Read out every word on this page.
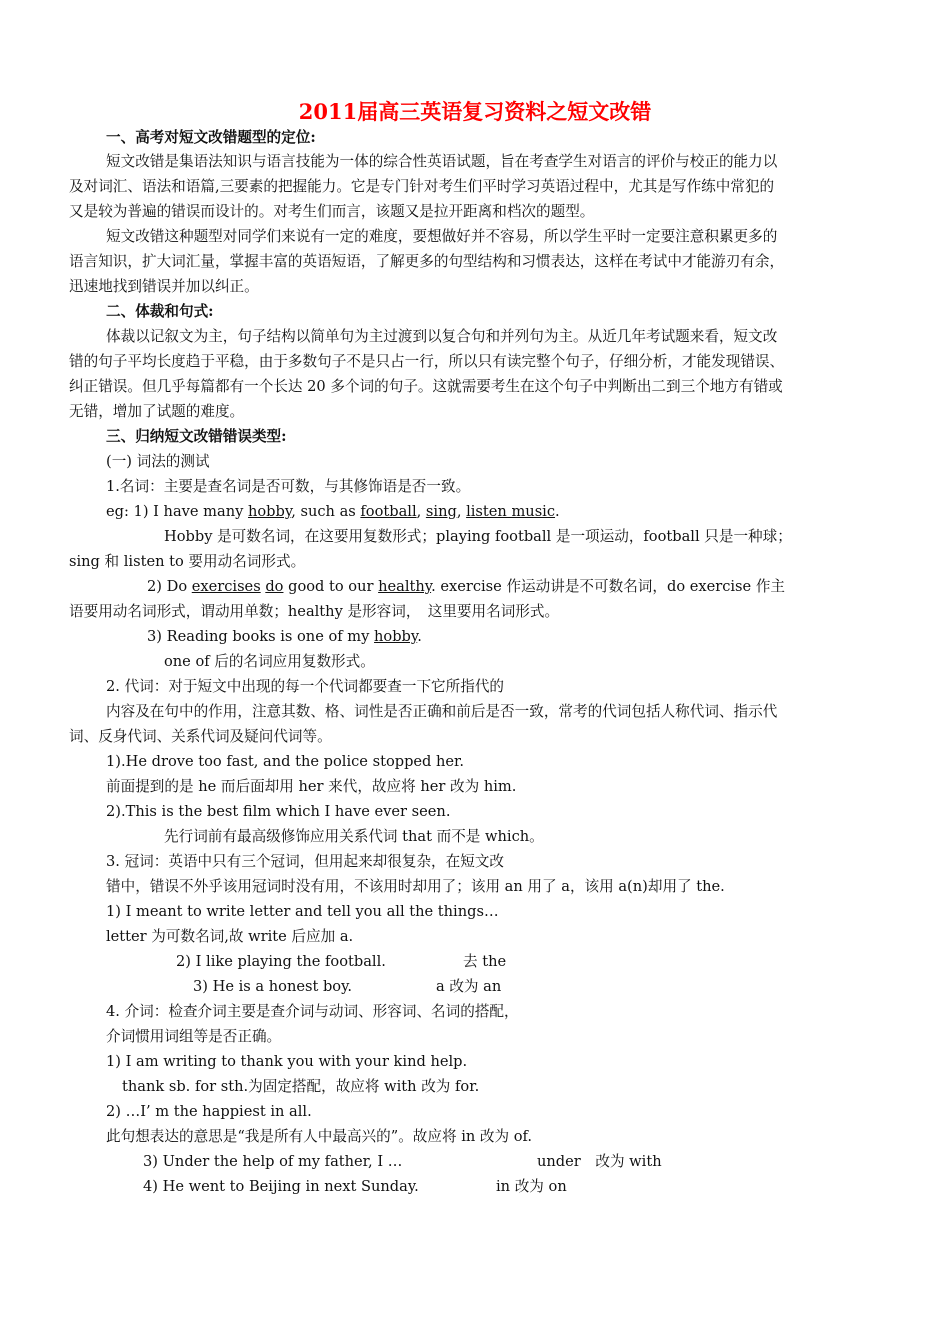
2011届高三英语复习资料之短文改错

一、高考对短文改错题型的定位:

短文改错是集语法知识与语言技能为一体的综合性英语试题，旨在考查学生对语言的评价与校正的能力以

及对词汇、语法和语篇,三要素的把握能力。它是专门针对考生们平时学习英语过程中，尤其是写作练中常犯的

又是较为普遍的错误而设计的。对考生们而言，该题又是拉开距离和档次的题型。

短文改错这种题型对同学们来说有一定的难度，要想做好并不容易，所以学生平时一定要注意积累更多的

语言知识，扩大词汇量，掌握丰富的英语短语，了解更多的句型结构和习惯表达，这样在考试中才能游刃有余，

迅速地找到错误并加以纠正。

二、体裁和句式:

体裁以记叙文为主，句子结构以简单句为主过渡到以复合句和并列句为主。从近几年考试题来看，短文改

错的句子平均长度趋于平稳，由于多数句子不是只占一行，所以只有读完整个句子，仔细分析，才能发现错误、

纠正错误。但几乎每篇都有一个长达 20 多个词的句子。这就需要考生在这个句子中判断出二到三个地方有错或

无错，增加了试题的难度。

三、归纳短文改错错误类型:

(一) 词法的测试

1.名词：主要是查名词是否可数，与其修饰语是否一致。

eg: 1) I have many hobby, such as football, sing, listen music.

Hobby 是可数名词，在这要用复数形式；playing football 是一项运动，football 只是一种球；

sing 和 listen to 要用动名词形式。

2) Do exercises do good to our healthy. exercise 作运动讲是不可数名词，do exercise 作主

语要用动名词形式，谓动用单数；healthy 是形容词，　这里要用名词形式。

3) Reading books is one of my hobby.

one of 后的名词应用复数形式。

2. 代词：对于短文中出现的每一个代词都要查一下它所指代的

内容及在句中的作用，注意其数、格、词性是否正确和前后是否一致，常考的代词包括人称代词、指示代

词、反身代词、关系代词及疑问代词等。

1).He drove too fast, and the police stopped her.

前面提到的是 he 而后面却用 her 来代，故应将 her 改为 him.

2).This is the best film which I have ever seen.

先行词前有最高级修饰应用关系代词 that 而不是 which。

3. 冠词：英语中只有三个冠词，但用起来却很复杂，在短文改

错中，错误不外乎该用冠词时没有用，不该用时却用了；该用 an 用了 a，该用 a(n)却用了 the.

1) I meant to write letter and tell you all the things…

letter 为可数名词,故 write 后应加 a.

2) I like playing the football.	去 the

3) He is a honest boy.	a 改为 an

4. 介词：检查介词主要是查介词与动词、形容词、名词的搭配，

介词惯用词组等是否正确。

1) I am writing to thank you with your kind help.

thank sb. for sth.为固定搭配，故应将 with 改为 for.

2) …I’ m the happiest in all.

此句想表达的意思是“我是所有人中最高兴的”。故应将 in 改为 of.

3) Under the help of my father, I …	under　改为 with

4) He went to Beijing in next Sunday.	in 改为 on
